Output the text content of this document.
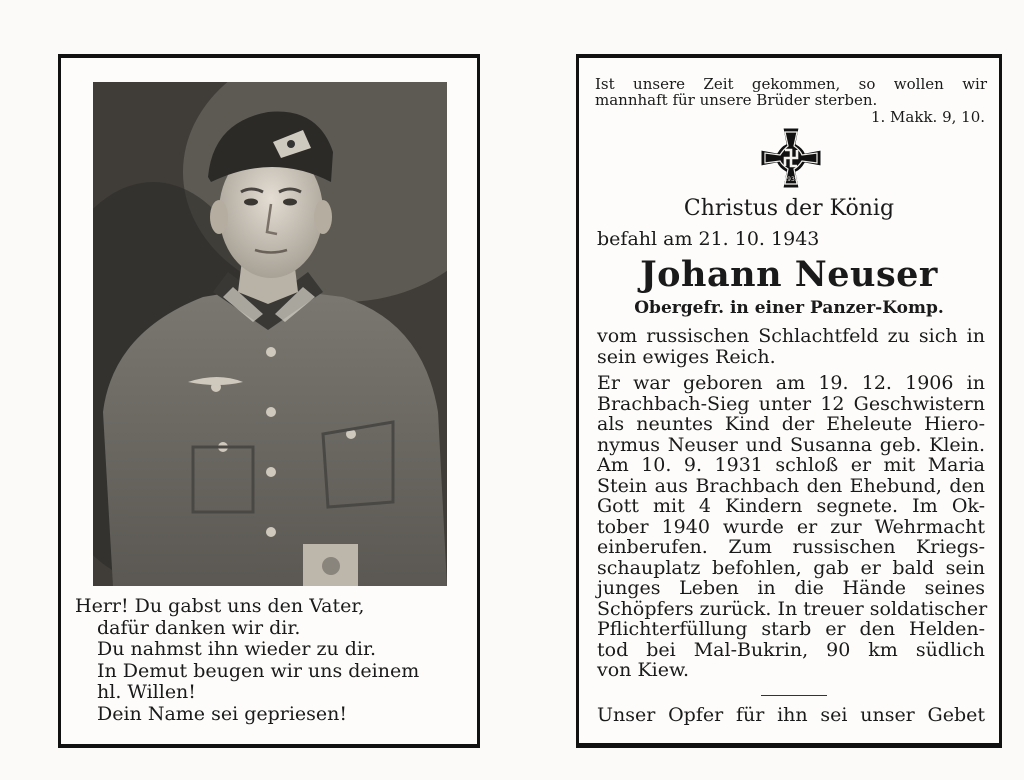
Herr! Du gabst uns den Vater,
dafür danken wir dir.
Du nahmst ihn wieder zu dir.
In Demut beugen wir uns deinem
hl. Willen!
Dein Name sei gepriesen!
Ist unsere Zeit gekommen, so wollen wir
mannhaft für unsere Brüder sterben.
1. Makk. 9, 10.
1939
Christus der König
befahl am 21. 10. 1943
Johann Neuser
Obergefr. in einer Panzer-Komp.
vom russischen Schlachtfeld zu sich in
sein ewiges Reich.
Er war geboren am 19. 12. 1906 in
Brachbach-Sieg unter 12 Geschwistern
als neuntes Kind der Eheleute Hiero-
nymus Neuser und Susanna geb. Klein.
Am 10. 9. 1931 schloß er mit Maria
Stein aus Brachbach den Ehebund, den
Gott mit 4 Kindern segnete. Im Ok-
tober 1940 wurde er zur Wehrmacht
einberufen. Zum russischen Kriegs-
schauplatz befohlen, gab er bald sein
junges Leben in die Hände seines
Schöpfers zurück. In treuer soldatischer
Pflichterfüllung starb er den Helden-
tod bei Mal-Bukrin, 90 km südlich
von Kiew.
Unser Opfer für ihn sei unser Gebet
